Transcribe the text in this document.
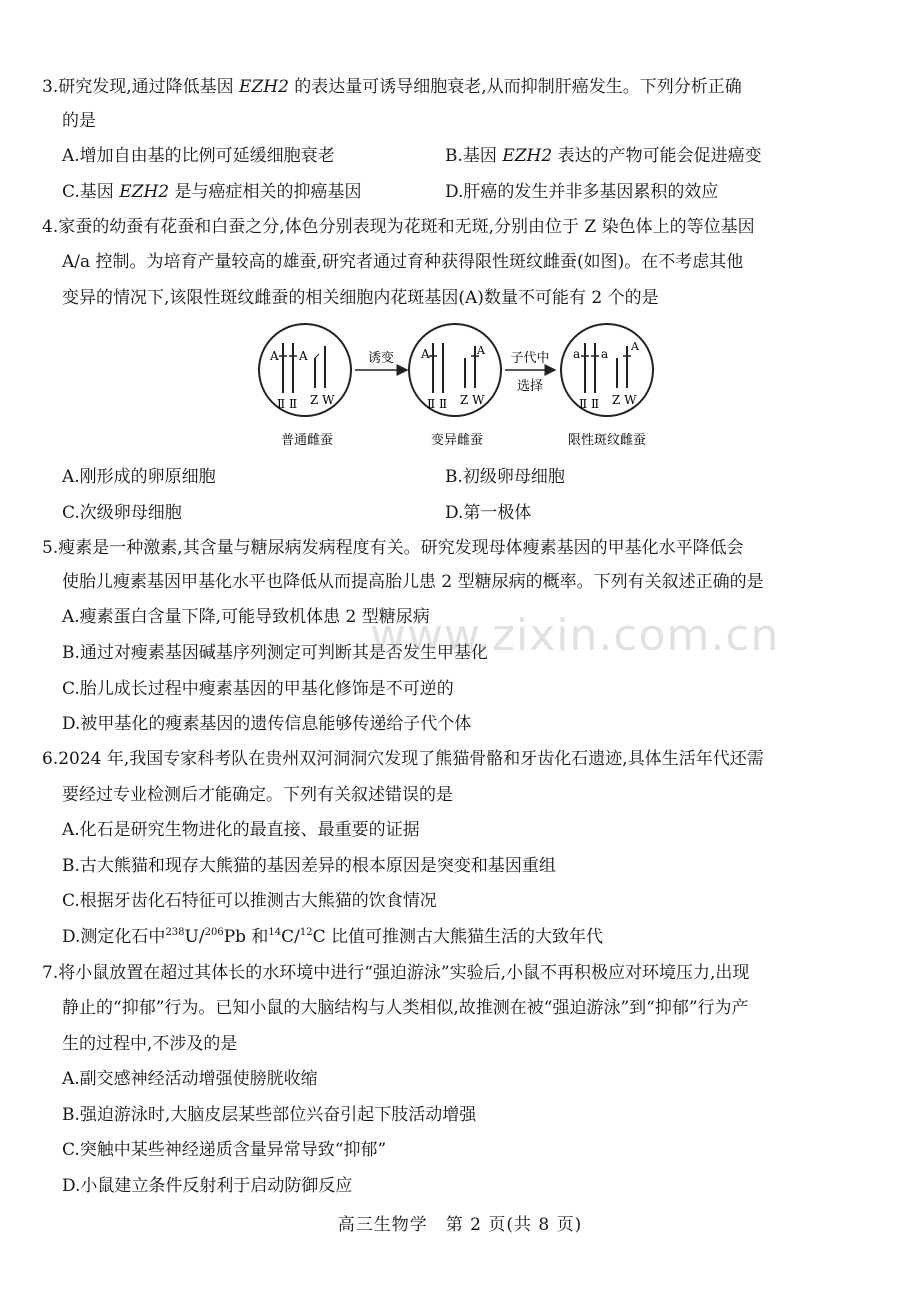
3.研究发现,通过降低基因 EZH2 的表达量可诱导细胞衰老,从而抑制肝癌发生。下列分析正确
的是
A.增加自由基的比例可延缓细胞衰老	B.基因 EZH2 表达的产物可能会促进癌变
C.基因 EZH2 是与癌症相关的抑癌基因	D.肝癌的发生并非多基因累积的效应
4.家蚕的幼蚕有花蚕和白蚕之分,体色分别表现为花斑和无斑,分别由位于 Z 染色体上的等位基因
A/a 控制。为培育产量较高的雄蚕,研究者通过育种获得限性斑纹雌蚕(如图)。在不考虑其他
变异的情况下,该限性斑纹雌蚕的相关细胞内花斑基因(A)数量不可能有 2 个的是
A A
Ⅱ Ⅱ Z W
普通雌蚕
诱变 A	A
Ⅱ Ⅱ Z W
变异雌蚕
子代中
选择
a a
A
Ⅱ Ⅱ Z W
限性斑纹雌蚕
A.刚形成的卵原细胞	B.初级卵母细胞
C.次级卵母细胞	D.第一极体
5.瘦素是一种激素,其含量与糖尿病发病程度有关。研究发现母体瘦素基因的甲基化水平降低会
使胎儿瘦素基因甲基化水平也降低从而提高胎儿患 2 型糖尿病的概率。下列有关叙述正确的是
A.瘦素蛋白含量下降,可能导致机体患 2 型糖尿病
B.通过对瘦素基因碱基序列测定可判断其是否发生甲基化
C.胎儿成长过程中瘦素基因的甲基化修饰是不可逆的
D.被甲基化的瘦素基因的遗传信息能够传递给子代个体
6.2024 年,我国专家科考队在贵州双河洞洞穴发现了熊猫骨骼和牙齿化石遗迹,具体生活年代还需
要经过专业检测后才能确定。下列有关叙述错误的是
A.化石是研究生物进化的最直接、最重要的证据
B.古大熊猫和现存大熊猫的基因差异的根本原因是突变和基因重组
C.根据牙齿化石特征可以推测古大熊猫的饮食情况
D.测定化石中$^{238}$U/$^{206}$Pb 和$^{14}$C/$^{12}$C 比值可推测古大熊猫生活的大致年代
7.将小鼠放置在超过其体长的水环境中进行“强迫游泳”实验后,小鼠不再积极应对环境压力,出现
静止的“抑郁”行为。已知小鼠的大脑结构与人类相似,故推测在被“强迫游泳”到“抑郁”行为产
生的过程中,不涉及的是
A.副交感神经活动增强使膀胱收缩
B.强迫游泳时,大脑皮层某些部位兴奋引起下肢活动增强
C.突触中某些神经递质含量异常导致“抑郁”
D.小鼠建立条件反射利于启动防御反应
www.zixin.com.cn
高三生物学　第 2 页(共 8 页)
